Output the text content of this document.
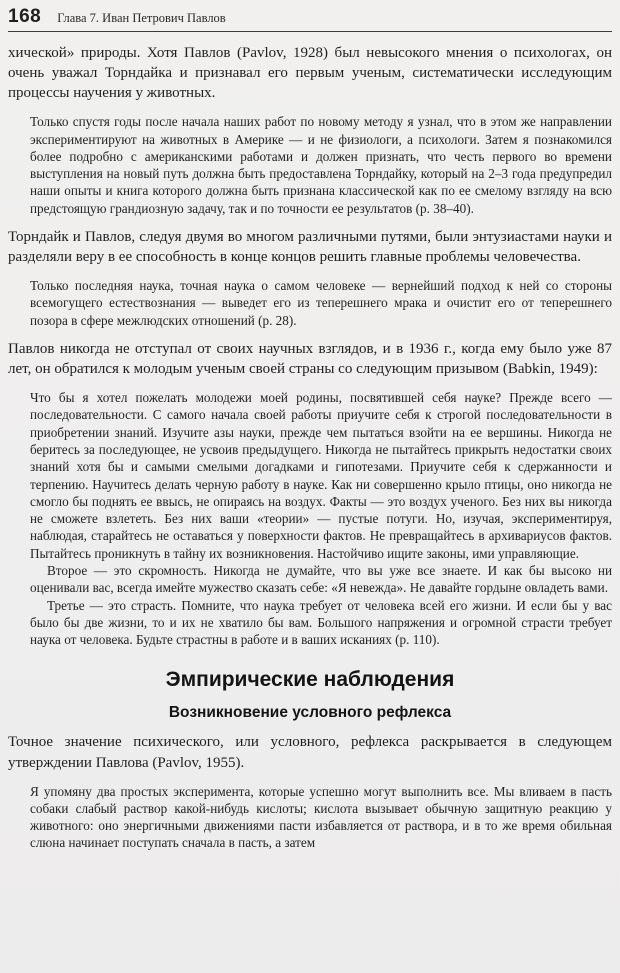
168 Глава 7. Иван Петрович Павлов

хической» природы. Хотя Павлов (Pavlov, 1928) был невысокого мнения о психологах, он очень уважал Торндайка и признавал его первым ученым, систематически исследующим процессы научения у животных.

Только спустя годы после начала наших работ по новому методу я узнал, что в этом же направлении экспериментируют на животных в Америке — и не физиологи, а психологи. Затем я познакомился более подробно с американскими работами и должен признать, что честь первого во времени выступления на новый путь должна быть предоставлена Торндайку, который на 2–3 года предупредил наши опыты и книга которого должна быть признана классической как по ее смелому взгляду на всю предстоящую грандиозную задачу, так и по точности ее результатов (р. 38–40).

Торндайк и Павлов, следуя двумя во многом различными путями, были энтузиастами науки и разделяли веру в ее способность в конце концов решить главные проблемы человечества.

Только последняя наука, точная наука о самом человеке — вернейший подход к ней со стороны всемогущего естествознания — выведет его из теперешнего мрака и очистит его от теперешнего позора в сфере межлюдских отношений (р. 28).

Павлов никогда не отступал от своих научных взглядов, и в 1936 г., когда ему было уже 87 лет, он обратился к молодым ученым своей страны со следующим призывом (Babkin, 1949):

Что бы я хотел пожелать молодежи моей родины, посвятившей себя науке? Прежде всего — последовательности. С самого начала своей работы приучите себя к строгой последовательности в приобретении знаний. Изучите азы науки, прежде чем пытаться взойти на ее вершины. Никогда не беритесь за последующее, не усвоив предыдущего. Никогда не пытайтесь прикрыть недостатки своих знаний хотя бы и самыми смелыми догадками и гипотезами. Приучите себя к сдержанности и терпению. Научитесь делать черную работу в науке. Как ни совершенно крыло птицы, оно никогда не смогло бы поднять ее ввысь, не опираясь на воздух. Факты — это воздух ученого. Без них вы никогда не сможете взлететь. Без них ваши «теории» — пустые потуги. Но, изучая, экспериментируя, наблюдая, старайтесь не оставаться у поверхности фактов. Не превращайтесь в архивариусов фактов. Пытайтесь проникнуть в тайну их возникновения. Настойчиво ищите законы, ими управляющие.

Второе — это скромность. Никогда не думайте, что вы уже все знаете. И как бы высоко ни оценивали вас, всегда имейте мужество сказать себе: «Я невежда». Не давайте гордыне овладеть вами.

Третье — это страсть. Помните, что наука требует от человека всей его жизни. И если бы у вас было бы две жизни, то и их не хватило бы вам. Большого напряжения и огромной страсти требует наука от человека. Будьте страстны в работе и в ваших исканиях (р. 110).

Эмпирические наблюдения
Возникновение условного рефлекса

Точное значение психического, или условного, рефлекса раскрывается в следующем утверждении Павлова (Pavlov, 1955).

Я упомяну два простых эксперимента, которые успешно могут выполнить все. Мы вливаем в пасть собаки слабый раствор какой-нибудь кислоты; кислота вызывает обычную защитную реакцию у животного: оно энергичными движениями пасти избавляется от раствора, и в то же время обильная слюна начинает поступать сначала в пасть, а затем
